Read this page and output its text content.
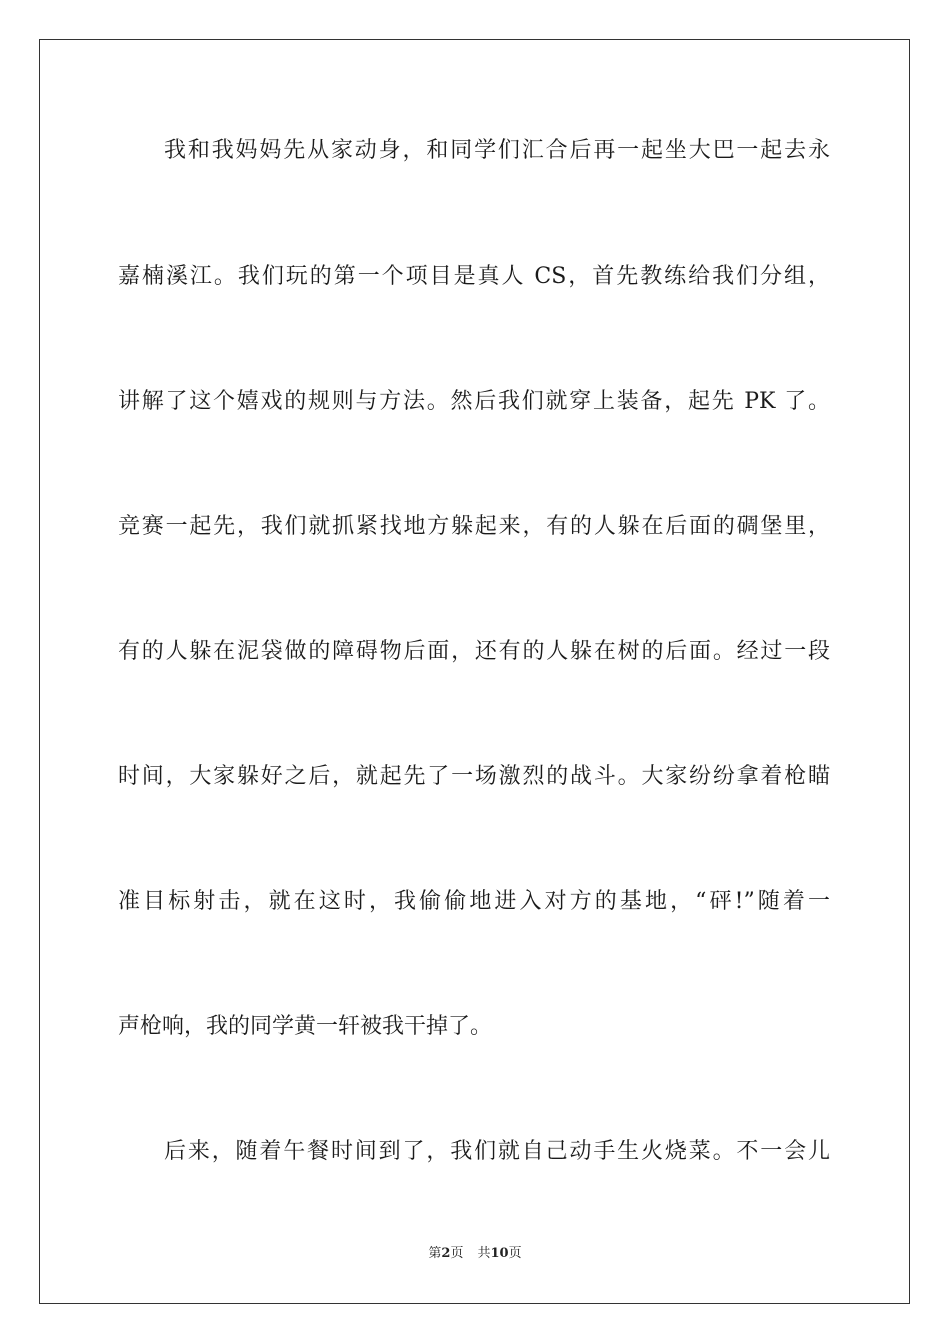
我和我妈妈先从家动身，和同学们汇合后再一起坐大巴一起去永
嘉楠溪江。我们玩的第一个项目是真人 CS，首先教练给我们分组，
讲解了这个嬉戏的规则与方法。然后我们就穿上装备，起先 PK 了。
竞赛一起先，我们就抓紧找地方躲起来，有的人躲在后面的碉堡里，
有的人躲在泥袋做的障碍物后面，还有的人躲在树的后面。经过一段
时间，大家躲好之后，就起先了一场激烈的战斗。大家纷纷拿着枪瞄
准目标射击，就在这时，我偷偷地进入对方的基地，“砰!”随着一
声枪响，我的同学黄一轩被我干掉了。
后来，随着午餐时间到了，我们就自己动手生火烧菜。不一会儿
第2页 共10页
